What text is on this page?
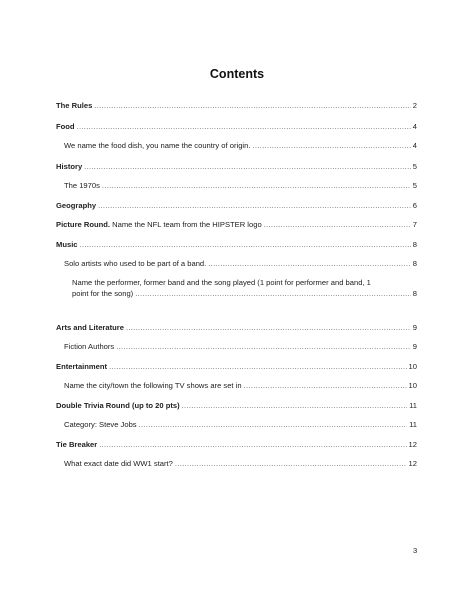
Contents
The Rules .....	2
Food .....	4
We name the food dish, you name the country of origin. .....	4
History .....	5
The 1970s .....	5
Geography .....	6
Picture Round. Name the NFL team from the HIPSTER logo .....	7
Music .....	8
Solo artists who used to be part of a band. .....	8
Name the performer, former band and the song played (1 point for performer and band, 1
point for the song) .....	8
Arts and Literature .....	9
Fiction Authors .....	9
Entertainment .....	10
Name the city/town the following TV shows are set in .....	10
Double Trivia Round (up to 20 pts) .....	11
Category: Steve Jobs .....	11
Tie Breaker .....	12
What exact date did WW1 start? .....	12
3
